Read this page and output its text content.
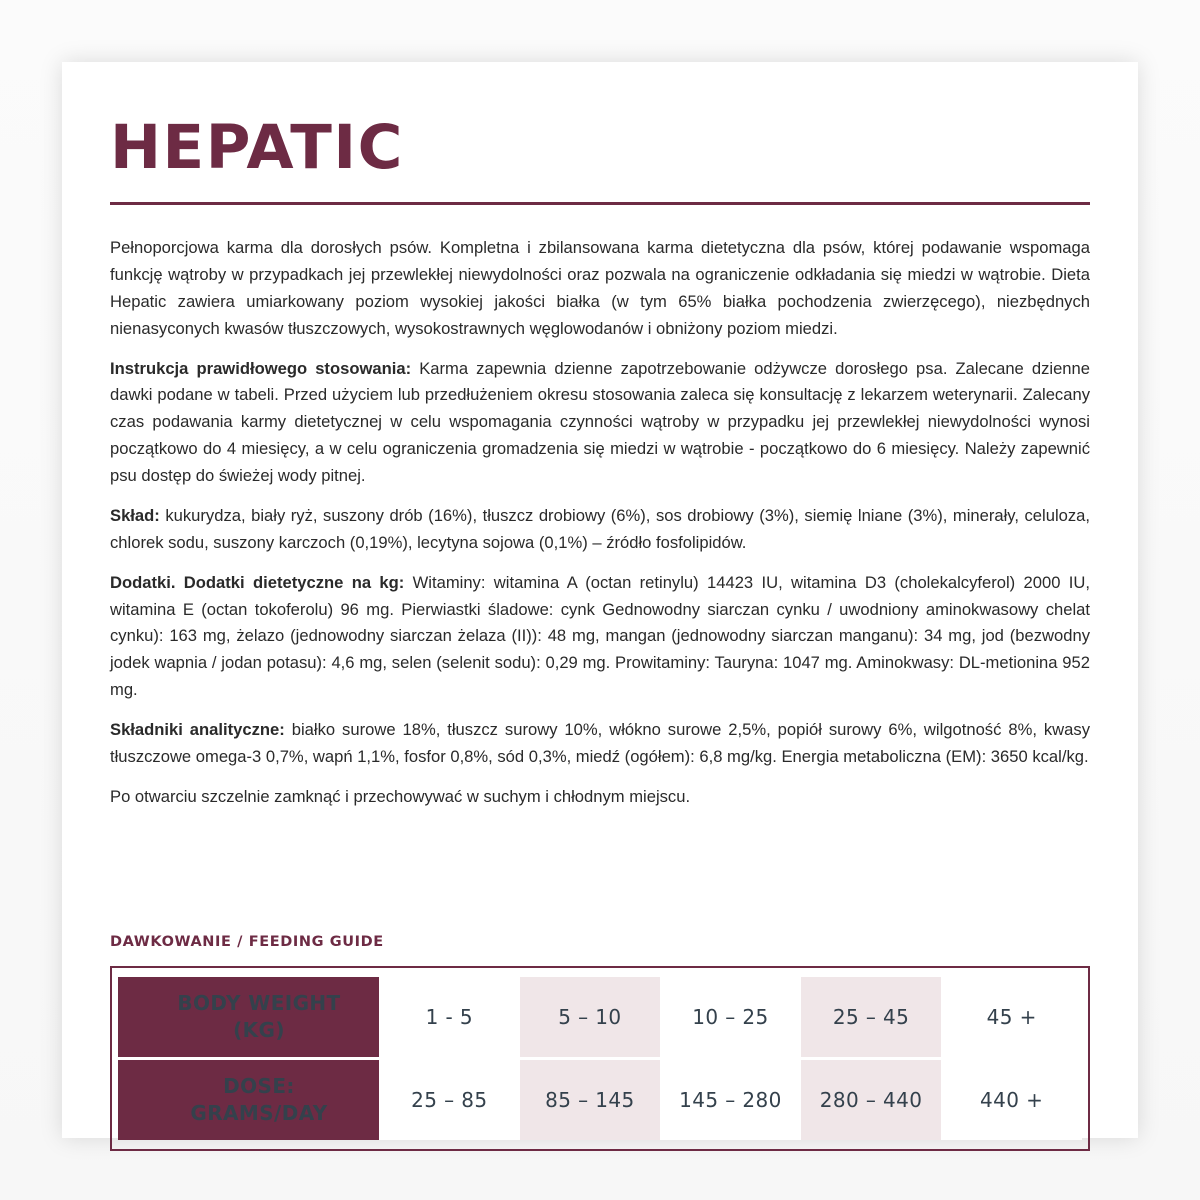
HEPATIC

Pełnoporcjowa karma dla dorosłych psów. Kompletna i zbilansowana karma dietetyczna dla psów, której podawanie wspomaga funkcję wątroby w przypadkach jej przewlekłej niewydolności oraz pozwala na ograniczenie odkładania się miedzi w wątrobie. Dieta Hepatic zawiera umiarkowany poziom wysokiej jakości białka (w tym 65% białka pochodzenia zwierzęcego), niezbędnych nienasyconych kwasów tłuszczowych, wysokostrawnych węglowodanów i obniżony poziom miedzi.

Instrukcja prawidłowego stosowania: Karma zapewnia dzienne zapotrzebowanie odżywcze dorosłego psa. Zalecane dzienne dawki podane w tabeli. Przed użyciem lub przedłużeniem okresu stosowania zaleca się konsultację z lekarzem weterynarii. Zalecany czas podawania karmy dietetycznej w celu wspomagania czynności wątroby w przypadku jej przewlekłej niewydolności wynosi początkowo do 4 miesięcy, a w celu ograniczenia gromadzenia się miedzi w wątrobie - początkowo do 6 miesięcy. Należy zapewnić psu dostęp do świeżej wody pitnej.

Skład: kukurydza, biały ryż, suszony drób (16%), tłuszcz drobiowy (6%), sos drobiowy (3%), siemię lniane (3%), minerały, celuloza, chlorek sodu, suszony karczoch (0,19%), lecytyna sojowa (0,1%) – źródło fosfolipidów.

Dodatki. Dodatki dietetyczne na kg: Witaminy: witamina A (octan retinylu) 14423 IU, witamina D3 (cholekalcyferol) 2000 IU, witamina E (octan tokoferolu) 96 mg. Pierwiastki śladowe: cynk Gednowodny siarczan cynku / uwodniony aminokwasowy chelat cynku): 163 mg, żelazo (jednowodny siarczan żelaza (II)): 48 mg, mangan (jednowodny siarczan manganu): 34 mg, jod (bezwodny jodek wapnia / jodan potasu): 4,6 mg, selen (selenit sodu): 0,29 mg. Prowitaminy: Tauryna: 1047 mg. Aminokwasy: DL-metionina 952 mg.

Składniki analityczne: białko surowe 18%, tłuszcz surowy 10%, włókno surowe 2,5%, popiół surowy 6%, wilgotność 8%, kwasy tłuszczowe omega-3 0,7%, wapń 1,1%, fosfor 0,8%, sód 0,3%, miedź (ogółem): 6,8 mg/kg. Energia metaboliczna (EM): 3650 kcal/kg.

Po otwarciu szczelnie zamknąć i przechowywać w suchym i chłodnym miejscu.

DAWKOWANIE / FEEDING GUIDE
BODY WEIGHT
(KG)	1 - 5	5 – 10	10 – 25	25 – 45	45 +

DOSE:
GRAMS/DAY	25 – 85	85 – 145	145 – 280	280 – 440	440 +
